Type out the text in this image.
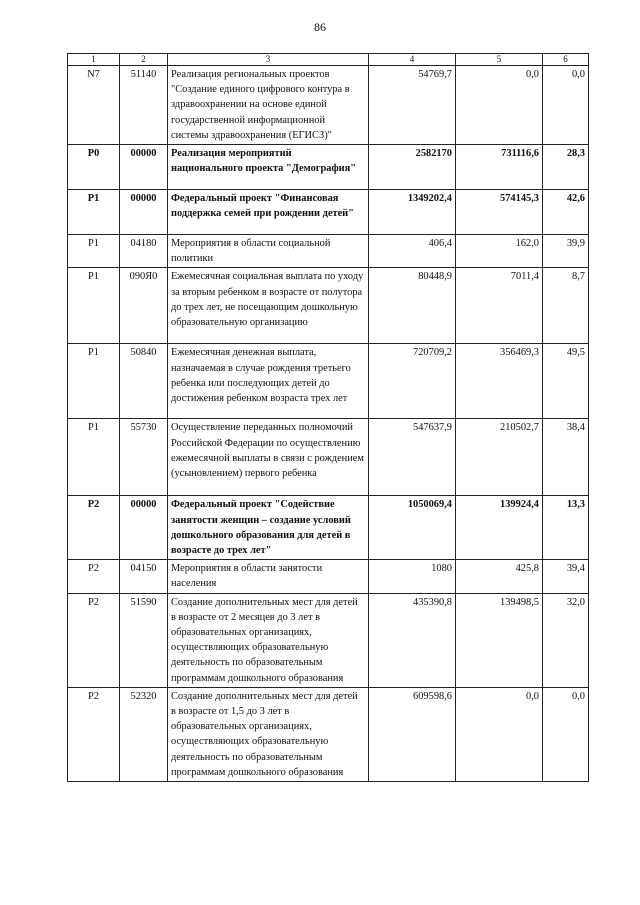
86
1	2	3	4	5	6
N7	51140	Реализация региональных проектов "Создание единого цифрового контура в здравоохранении на основе единой государственной информационной системы здравоохранения (ЕГИСЗ)"	54769,7	0,0	0,0
P0	00000	Реализация мероприятий национального проекта "Демография"	2582170	731116,6	28,3
P1	00000	Федеральный проект "Финансовая поддержка семей при рождении детей"	1349202,4	574145,3	42,6
P1	04180	Мероприятия в области социальной политики	406,4	162,0	39,9
P1	090Я0	Ежемесячная социальная выплата по уходу за вторым ребенком в возрасте от полутора до трех лет, не посещающим дошкольную образовательную организацию	80448,9	7011,4	8,7
P1	50840	Ежемесячная денежная выплата, назначаемая в случае рождения третьего ребенка или последующих детей до достижения ребенком возраста трех лет	720709,2	356469,3	49,5
P1	55730	Осуществление переданных полномочий Российской Федерации по осуществлению ежемесячной выплаты в связи с рождением (усыновлением) первого ребенка	547637,9	210502,7	38,4
P2	00000	Федеральный проект "Содействие занятости женщин – создание условий дошкольного образования для детей в возрасте до трех лет"	1050069,4	139924,4	13,3
P2	04150	Мероприятия в области занятости населения	1080	425,8	39,4
P2	51590	Создание дополнительных мест для детей в возрасте от 2 месяцев до 3 лет в образовательных организациях, осуществляющих образовательную деятельность по образовательным программам дошкольного образования	435390,8	139498,5	32,0
P2	52320	Создание дополнительных мест для детей в возрасте от 1,5 до 3 лет в образовательных организациях, осуществляющих образовательную деятельность по образовательным программам дошкольного образования	609598,6	0,0	0,0
